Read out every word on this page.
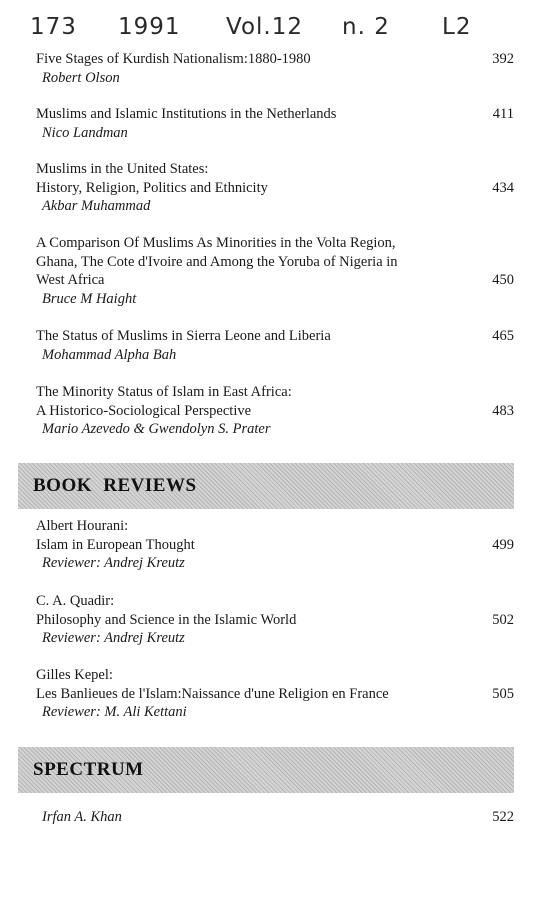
173 1991 Vol.12 n. 2 L2
Five Stages of Kurdish Nationalism:1880-1980
Robert Olson
392
Muslims and Islamic Institutions in the Netherlands
Nico Landman
411
Muslims in the United States:
History, Religion, Politics and Ethnicity
Akbar Muhammad
434
A Comparison Of Muslims As Minorities in the Volta Region,
Ghana, The Cote d'Ivoire and Among the Yoruba of Nigeria in
West Africa
Bruce M Haight
450
The Status of Muslims in Sierra Leone and Liberia
Mohammad Alpha Bah
465
The Minority Status of Islam in East Africa:
A Historico-Sociological Perspective
Mario Azevedo & Gwendolyn S. Prater
483
BOOK REVIEWS
Albert Hourani:
Islam in European Thought
Reviewer: Andrej Kreutz
499
C. A. Quadir:
Philosophy and Science in the Islamic World
Reviewer: Andrej Kreutz
502
Gilles Kepel:
Les Banlieues de l'Islam:Naissance d'une Religion en France
Reviewer: M. Ali Kettani
505
SPECTRUM
Irfan A. Khan	522
